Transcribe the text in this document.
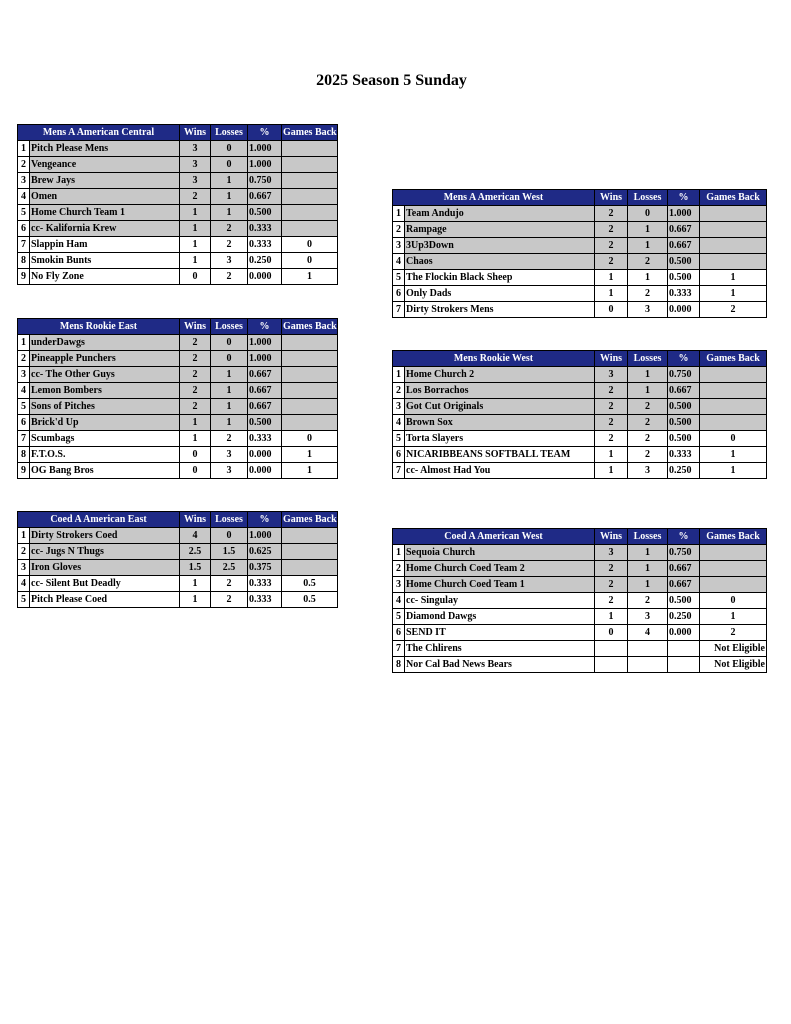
2025 Season 5 Sunday
Mens A American Central		Wins	Losses	%	Games Back
1	Pitch Please Mens	3	0	1.000	
2	Vengeance	3	0	1.000	
3	Brew Jays	3	1	0.750	
4	Omen	2	1	0.667	
5	Home Church Team 1	1	1	0.500	
6	cc- Kalifornia Krew	1	2	0.333	
7	Slappin Ham	1	2	0.333	0
8	Smokin Bunts	1	3	0.250	0
9	No Fly Zone	0	2	0.000	1
Mens Rookie East		Wins	Losses	%	Games Back
1	underDawgs	2	0	1.000	
2	Pineapple Punchers	2	0	1.000	
3	cc- The Other Guys	2	1	0.667	
4	Lemon Bombers	2	1	0.667	
5	Sons of Pitches	2	1	0.667	
6	Brick'd Up	1	1	0.500	
7	Scumbags	1	2	0.333	0
8	F.T.O.S.	0	3	0.000	1
9	OG Bang Bros	0	3	0.000	1
Coed A American East		Wins	Losses	%	Games Back
1	Dirty Strokers Coed	4	0	1.000	
2	cc- Jugs N Thugs	2.5	1.5	0.625	
3	Iron Gloves	1.5	2.5	0.375	
4	cc- Silent But Deadly	1	2	0.333	0.5
5	Pitch Please Coed	1	2	0.333	0.5
Mens A American West		Wins	Losses	%	Games Back
1	Team Andujo	2	0	1.000	
2	Rampage	2	1	0.667	
3	3Up3Down	2	1	0.667	
4	Chaos	2	2	0.500	
5	The Flockin Black Sheep	1	1	0.500	1
6	Only Dads	1	2	0.333	1
7	Dirty Strokers Mens	0	3	0.000	2
Mens Rookie West		Wins	Losses	%	Games Back
1	Home Church 2	3	1	0.750	
2	Los Borrachos	2	1	0.667	
3	Got Cut Originals	2	2	0.500	
4	Brown Sox	2	2	0.500	
5	Torta Slayers	2	2	0.500	0
6	NICARIBBEANS SOFTBALL TEAM	1	2	0.333	1
7	cc- Almost Had You	1	3	0.250	1
Coed A American West		Wins	Losses	%	Games Back
1	Sequoia Church	3	1	0.750	
2	Home Church Coed Team 2	2	1	0.667	
3	Home Church Coed Team 1	2	1	0.667	
4	cc- Singulay	2	2	0.500	0
5	Diamond Dawgs	1	3	0.250	1
6	SEND IT	0	4	0.000	2
7	The Chlirens				Not Eligible
8	Nor Cal Bad News Bears				Not Eligible
